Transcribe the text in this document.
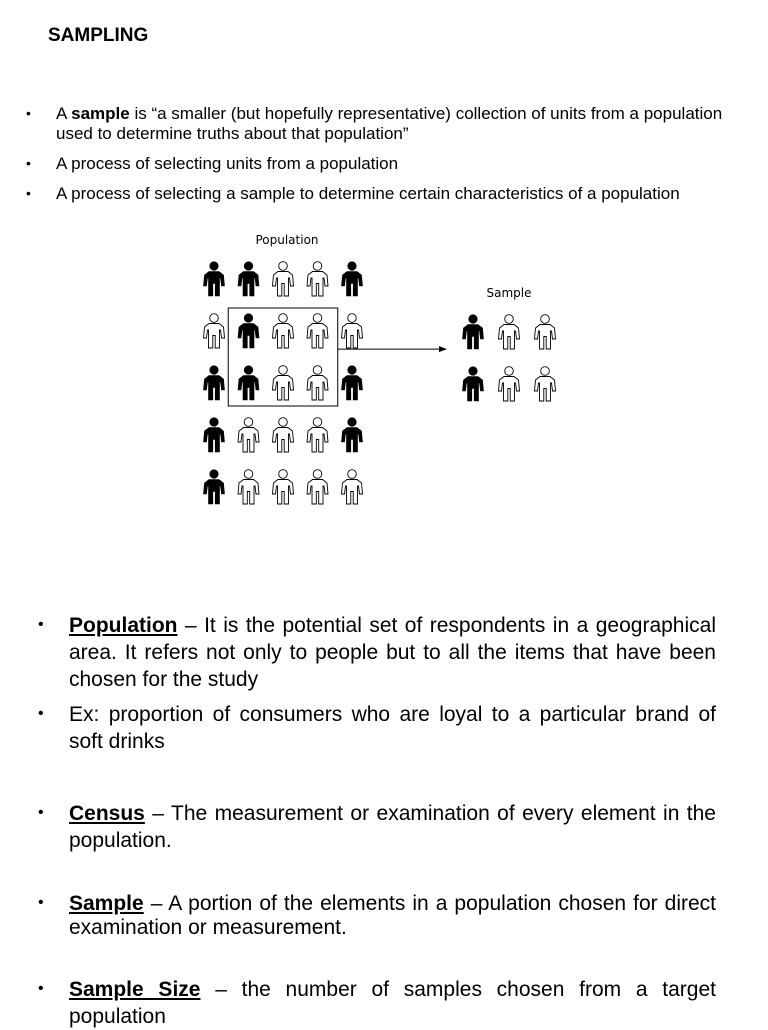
SAMPLING
• A sample is “a smaller (but hopefully representative) collection of units from a population used to determine truths about that population”
• A process of selecting units from a population
• A process of selecting a sample to determine certain characteristics of a population
Population
Sample
• Population – It is the potential set of respondents in a geographical area. It refers not only to people but to all the items that have been chosen for the study
• Ex: proportion of consumers who are loyal to a particular brand of soft drinks
• Census – The measurement or examination of every element in the population.
• Sample – A portion of the elements in a population chosen for direct examination or measurement.
• Sample Size – the number of samples chosen from a target population
